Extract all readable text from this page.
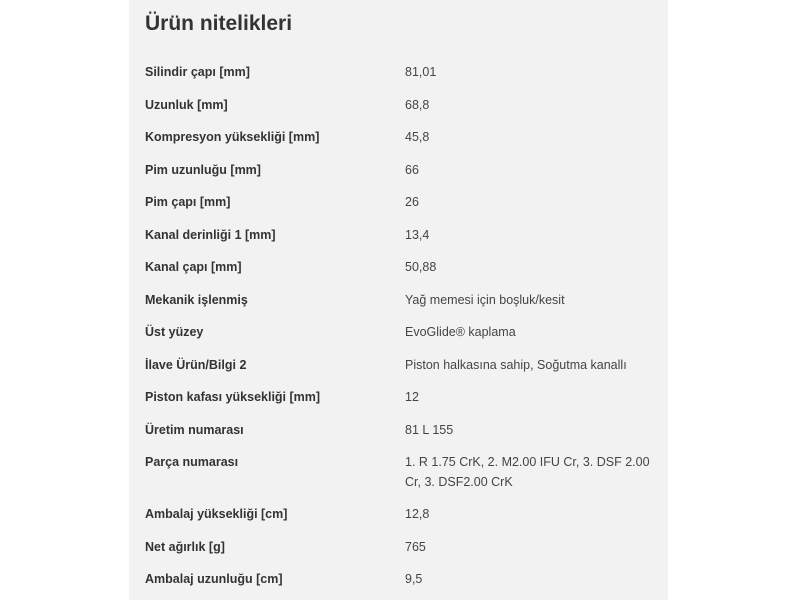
Ürün nitelikleri
Silindir çapı [mm]	81,01
Uzunluk [mm]	68,8
Kompresyon yüksekliği [mm]	45,8
Pim uzunluğu [mm]	66
Pim çapı [mm]	26
Kanal derinliği 1 [mm]	13,4
Kanal çapı [mm]	50,88
Mekanik işlenmiş	Yağ memesi için boşluk/kesit
Üst yüzey	EvoGlide® kaplama
İlave Ürün/Bilgi 2	Piston halkasına sahip, Soğutma kanallı
Piston kafası yüksekliği [mm]	12
Üretim numarası	81 L 155
Parça numarası	1. R 1.75 CrK, 2. M2.00 IFU Cr, 3. DSF 2.00 Cr, 3. DSF2.00 CrK
Ambalaj yüksekliği [cm]	12,8
Net ağırlık [g]	765
Ambalaj uzunluğu [cm]	9,5
